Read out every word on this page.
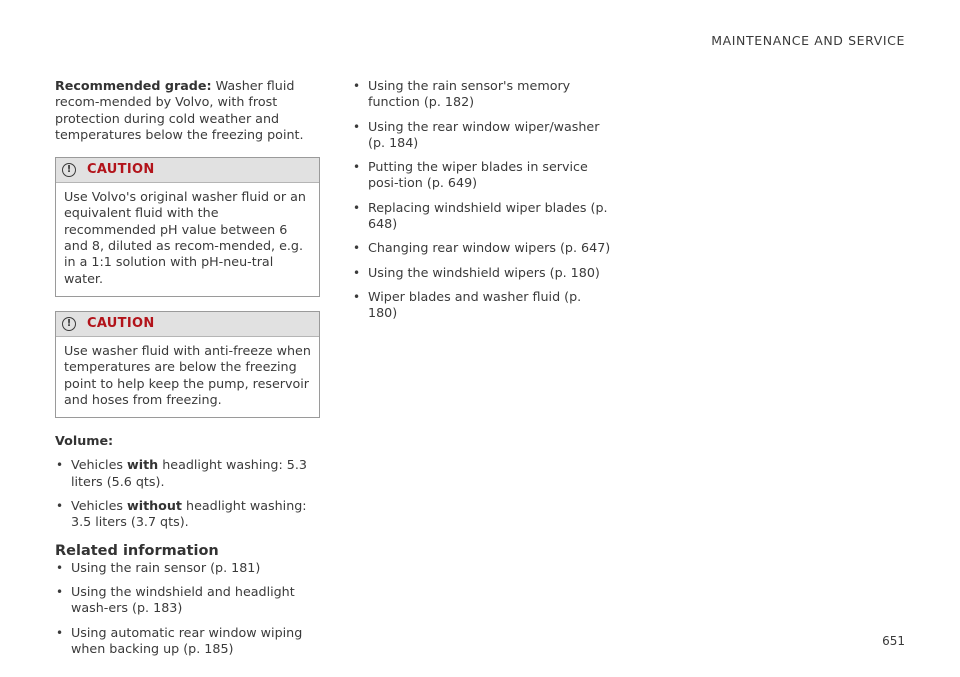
MAINTENANCE AND SERVICE

Recommended grade: Washer fluid recom-mended by Volvo, with frost protection during cold weather and temperatures below the freezing point.

!	CAUTION
Use Volvo's original washer fluid or an equivalent fluid with the recommended pH value between 6 and 8, diluted as recom-mended, e.g. in a 1:1 solution with pH-neu-tral water.
!	CAUTION
Use washer fluid with anti-freeze when temperatures are below the freezing point to help keep the pump, reservoir and hoses from freezing.
Volume:
• Vehicles with headlight washing: 5.3 liters (5.6 qts).
• Vehicles without headlight washing: 3.5 liters (3.7 qts).
Related information
• Using the rain sensor (p. 181)
• Using the windshield and headlight wash-ers (p. 183)
• Using automatic rear window wiping when backing up (p. 185)
• Using the rain sensor's memory function (p. 182)
• Using the rear window wiper/washer (p. 184)
• Putting the wiper blades in service posi-tion (p. 649)
• Replacing windshield wiper blades (p. 648)
• Changing rear window wipers (p. 647)
• Using the windshield wipers (p. 180)
• Wiper blades and washer fluid (p. 180)
651
